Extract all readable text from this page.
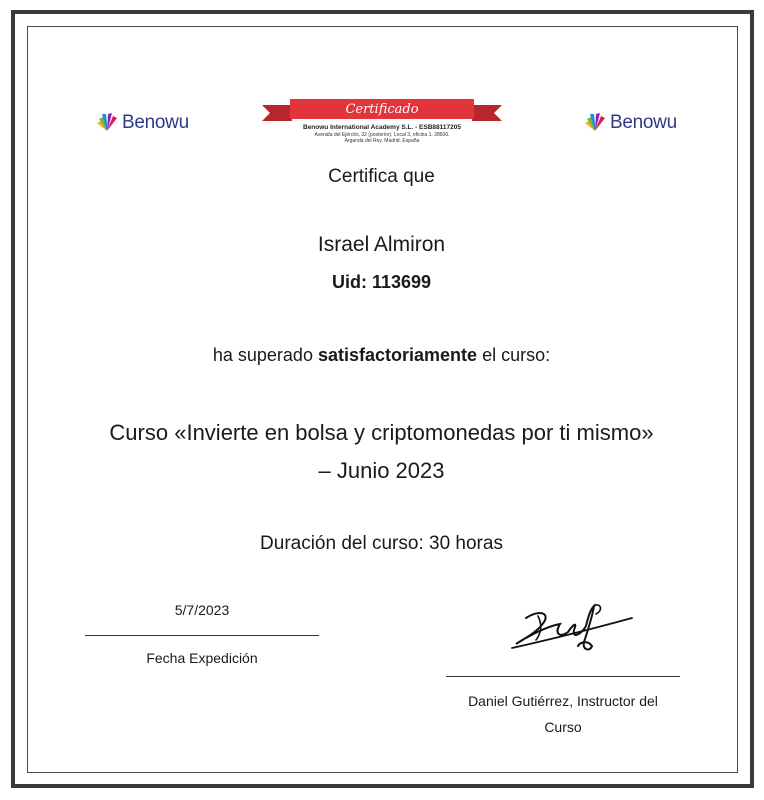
Benowu
Certificado
Benowu International Academy S.L. - ESB88117205
Avenida del Ejército, 32 (posterior). Local 3, oficina 1. 28500.
Arganda del Rey. Madrid. España
Benowu
Certifica que
Israel Almiron
Uid: 113699
ha superado satisfactoriamente el curso:
Curso «Invierte en bolsa y criptomonedas por ti mismo»
– Junio 2023
Duración del curso: 30 horas
5/7/2023
Fecha Expedición
Daniel Gutiérrez, Instructor del
Curso
